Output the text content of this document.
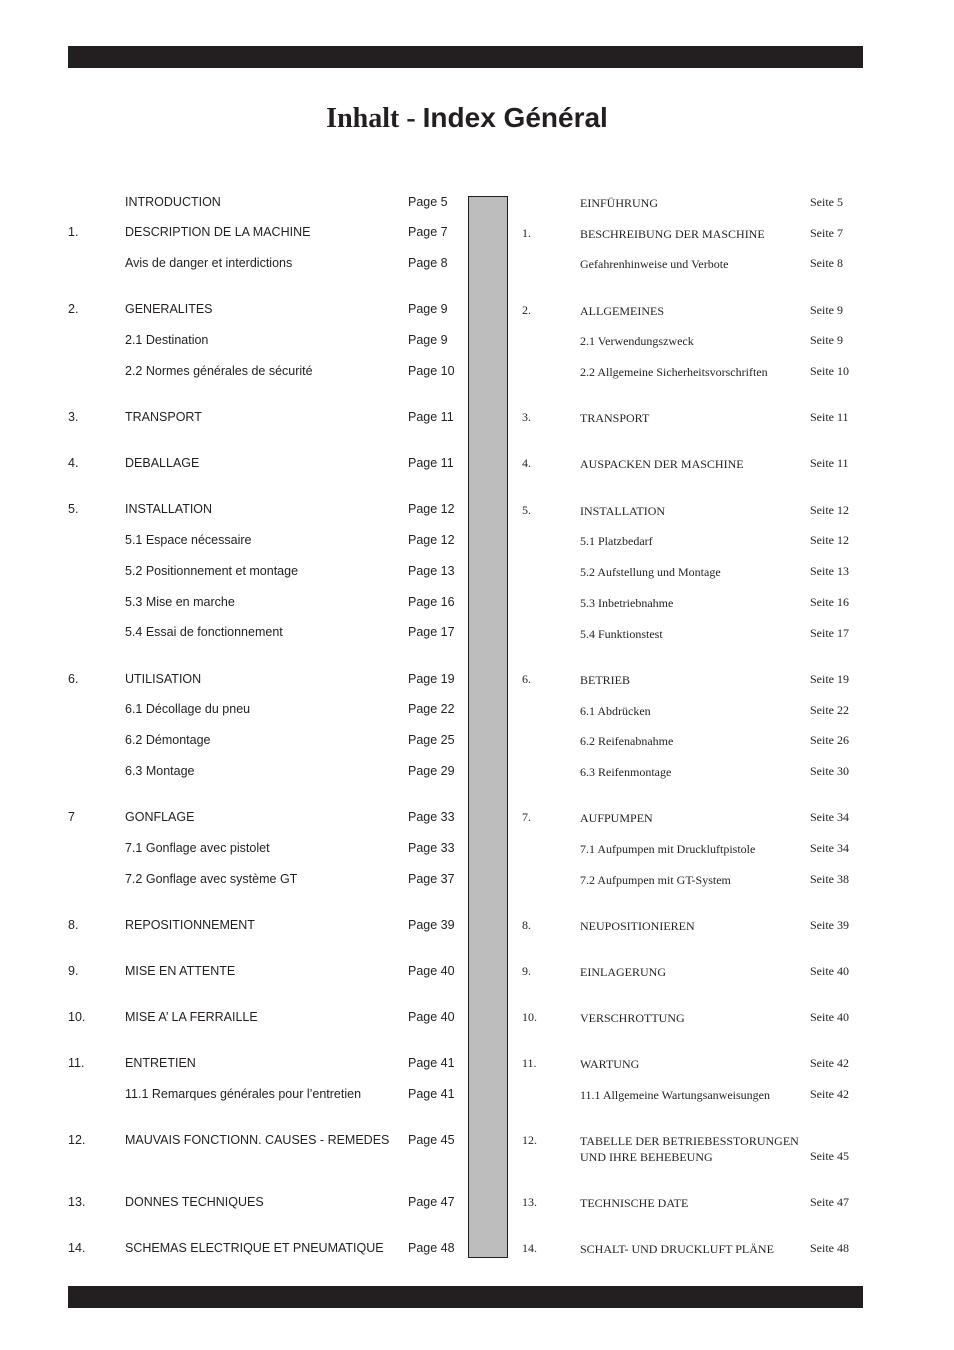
Inhalt - Index Général
INTRODUCTION	Page 5
1.	DESCRIPTION DE LA MACHINE	Page 7
Avis de danger et interdictions	Page 8
2.	GENERALITES	Page 9
2.1 Destination	Page 9
2.2 Normes générales de sécurité	Page 10
3.	TRANSPORT	Page 11
4.	DEBALLAGE	Page 11
5.	INSTALLATION	Page 12
5.1 Espace nécessaire	Page 12
5.2 Positionnement et montage	Page 13
5.3 Mise en marche	Page 16
5.4 Essai de fonctionnement	Page 17
6.	UTILISATION	Page 19
6.1 Décollage du pneu	Page 22
6.2 Démontage	Page 25
6.3 Montage	Page 29
7	GONFLAGE	Page 33
7.1 Gonflage avec pistolet	Page 33
7.2 Gonflage avec système GT	Page 37
8.	REPOSITIONNEMENT	Page 39
9.	MISE EN ATTENTE	Page 40
10.	MISE A’ LA FERRAILLE	Page 40
11.	ENTRETIEN	Page 41
11.1 Remarques générales pour l’entretien	Page 41
12.	MAUVAIS FONCTIONN. CAUSES - REMEDES Page 45
13.	DONNES TECHNIQUES	Page 47
14.	SCHEMAS ELECTRIQUE ET PNEUMATIQUE Page 48
EINFÜHRUNG	Seite 5
1.	BESCHREIBUNG DER MASCHINE	Seite 7
Gefahrenhinweise und Verbote	Seite 8
2.	ALLGEMEINES	Seite 9
2.1 Verwendungszweck	Seite 9
2.2 Allgemeine Sicherheitsvorschriften	Seite 10
3.	TRANSPORT	Seite 11
4.	AUSPACKEN DER MASCHINE	Seite 11
5.	INSTALLATION	Seite 12
5.1 Platzbedarf	Seite 12
5.2 Aufstellung und Montage	Seite 13
5.3 Inbetriebnahme	Seite 16
5.4 Funktionstest	Seite 17
6.	BETRIEB	Seite 19
6.1 Abdrücken	Seite 22
6.2 Reifenabnahme	Seite 26
6.3 Reifenmontage	Seite 30
7.	AUFPUMPEN	Seite 34
7.1 Aufpumpen mit Druckluftpistole	Seite 34
7.2 Aufpumpen mit GT-System	Seite 38
8.	NEUPOSITIONIEREN	Seite 39
9.	EINLAGERUNG	Seite 40
10.	VERSCHROTTUNG	Seite 40
11.	WARTUNG	Seite 42
11.1 Allgemeine Wartungsanweisungen	Seite 42
12.	TABELLE DER BETRIEBESSTORUNGEN
UND IHRE BEHEBEUNG	Seite 45
13.	TECHNISCHE DATE	Seite 47
14.	SCHALT- UND DRUCKLUFT PLÄNE	Seite 48
